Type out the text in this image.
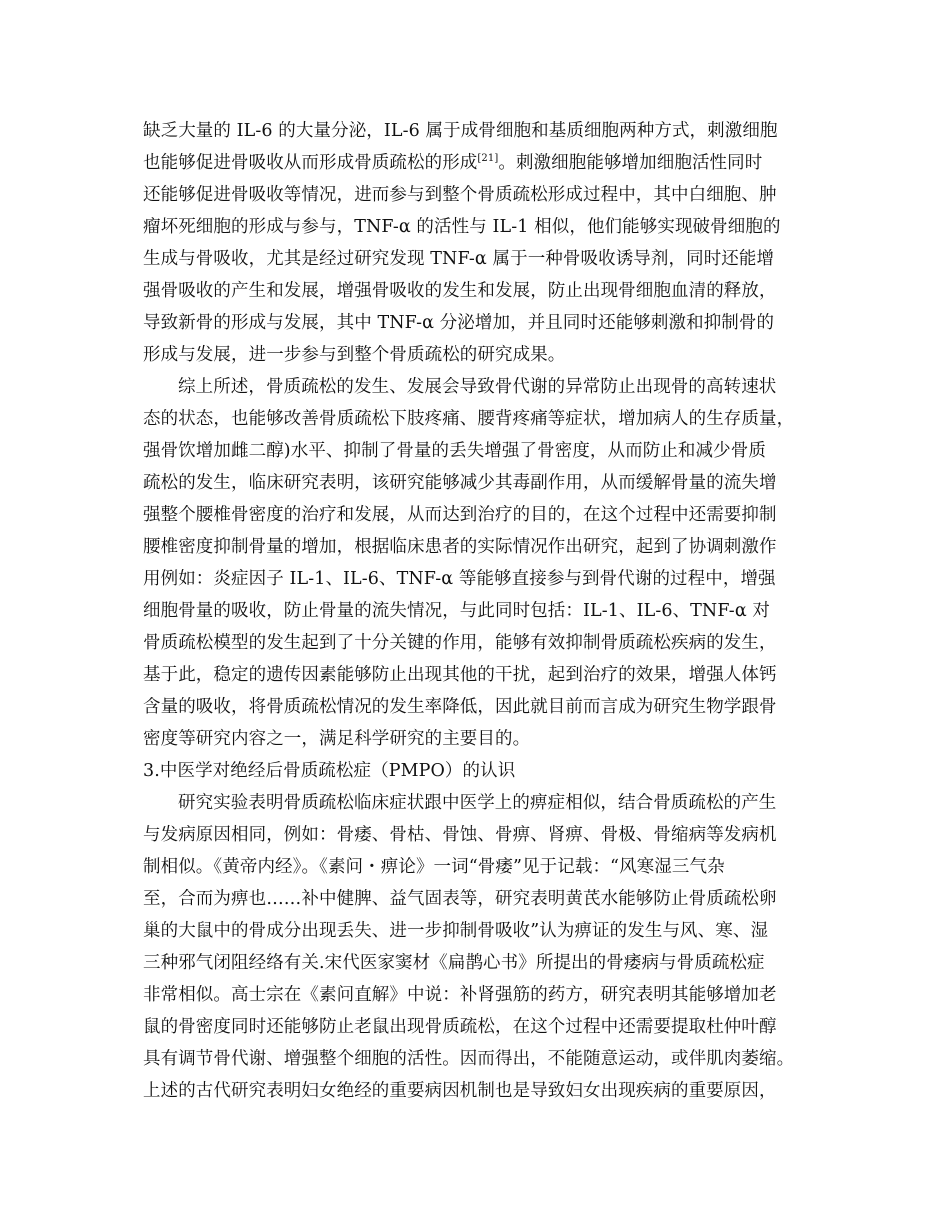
缺乏大量的 IL-6 的大量分泌，IL-6 属于成骨细胞和基质细胞两种方式，刺激细胞
也能够促进骨吸收从而形成骨质疏松的形成[21]。刺激细胞能够增加细胞活性同时
还能够促进骨吸收等情况，进而参与到整个骨质疏松形成过程中，其中白细胞、肿
瘤坏死细胞的形成与参与，TNF-α 的活性与 IL-1 相似，他们能够实现破骨细胞的
生成与骨吸收，尤其是经过研究发现 TNF-α 属于一种骨吸收诱导剂，同时还能增
强骨吸收的产生和发展，增强骨吸收的发生和发展，防止出现骨细胞血清的释放，
导致新骨的形成与发展，其中 TNF-α 分泌增加，并且同时还能够刺激和抑制骨的
形成与发展，进一步参与到整个骨质疏松的研究成果。
综上所述，骨质疏松的发生、发展会导致骨代谢的异常防止出现骨的高转速状
态的状态，也能够改善骨质疏松下肢疼痛、腰背疼痛等症状，增加病人的生存质量，
强骨饮增加雌二醇)水平、抑制了骨量的丢失增强了骨密度，从而防止和减少骨质
疏松的发生，临床研究表明，该研究能够减少其毒副作用，从而缓解骨量的流失增
强整个腰椎骨密度的治疗和发展，从而达到治疗的目的，在这个过程中还需要抑制
腰椎密度抑制骨量的增加，根据临床患者的实际情况作出研究，起到了协调刺激作
用例如：炎症因子 IL-1、IL-6、TNF-α 等能够直接参与到骨代谢的过程中，增强
细胞骨量的吸收，防止骨量的流失情况，与此同时包括：IL-1、IL-6、TNF-α 对
骨质疏松模型的发生起到了十分关键的作用，能够有效抑制骨质疏松疾病的发生，
基于此，稳定的遗传因素能够防止出现其他的干扰，起到治疗的效果，增强人体钙
含量的吸收，将骨质疏松情况的发生率降低，因此就目前而言成为研究生物学跟骨
密度等研究内容之一，满足科学研究的主要目的。
3.中医学对绝经后骨质疏松症（PMPO）的认识
研究实验表明骨质疏松临床症状跟中医学上的痹症相似，结合骨质疏松的产生
与发病原因相同，例如：骨痿、骨枯、骨蚀、骨痹、肾痹、骨极、骨缩病等发病机
制相似。《黄帝内经》。《素问・痹论》一词“骨痿”见于记载：“风寒湿三气杂
至，合而为痹也……补中健脾、益气固表等，研究表明黄芪水能够防止骨质疏松卵
巢的大鼠中的骨成分出现丢失、进一步抑制骨吸收”认为痹证的发生与风、寒、湿
三种邪气闭阻经络有关.宋代医家窦材《扁鹊心书》所提出的骨痿病与骨质疏松症
非常相似。高士宗在《素问直解》中说：补肾强筋的药方，研究表明其能够增加老
鼠的骨密度同时还能够防止老鼠出现骨质疏松，在这个过程中还需要提取杜仲叶醇
具有调节骨代谢、增强整个细胞的活性。因而得出，不能随意运动，或伴肌肉萎缩。
上述的古代研究表明妇女绝经的重要病因机制也是导致妇女出现疾病的重要原因，
